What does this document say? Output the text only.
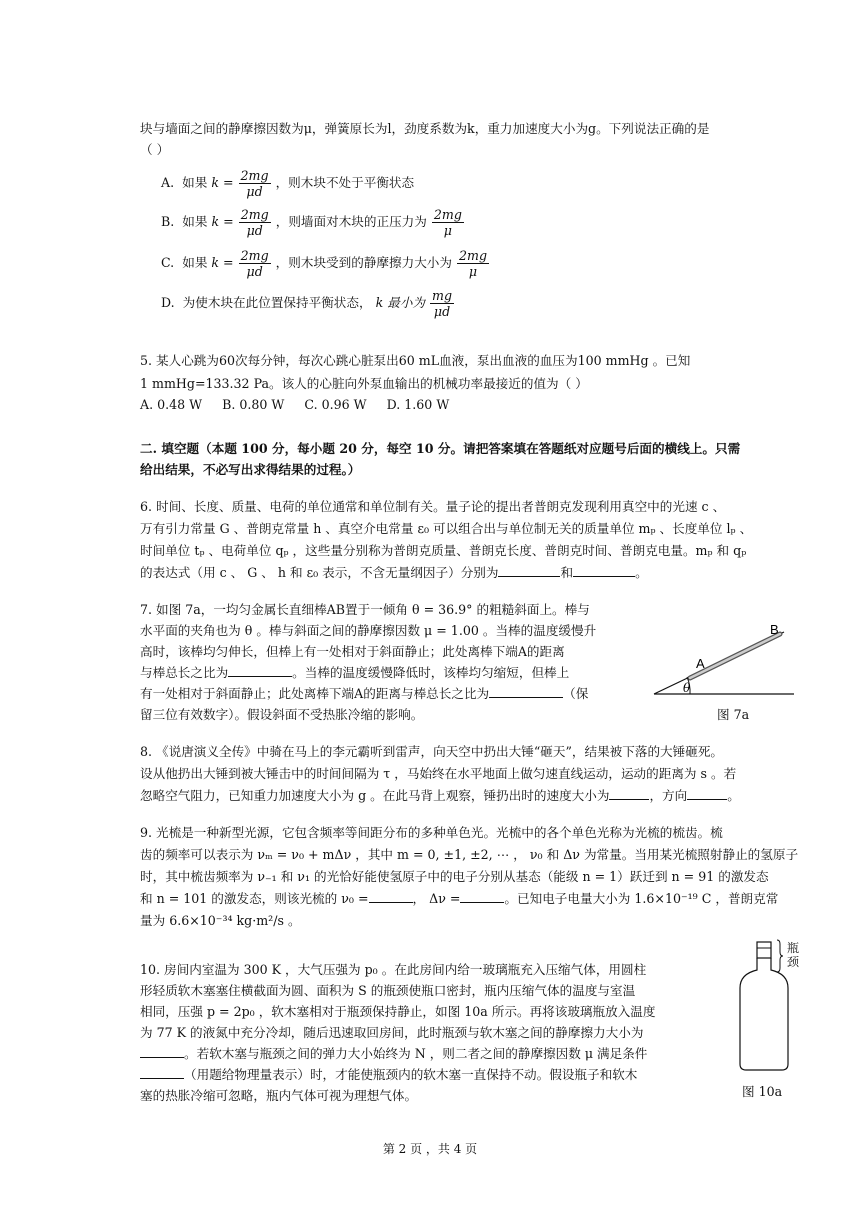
块与墙面之间的静摩擦因数为μ，弹簧原长为l，劲度系数为k，重力加速度大小为g。下列说法正确的是
（ ）
A. 如果 $k = \frac{2mg}{\mu d}$ ，则木块不处于平衡状态
B. 如果 $k = \frac{2mg}{\mu d}$ ，则墙面对木块的正压力为 $\frac{2mg}{\mu}$
C. 如果 $k = \frac{2mg}{\mu d}$ ，则木块受到的静摩擦力大小为 $\frac{2mg}{\mu}$
D. 为使木块在此位置保持平衡状态， k 最小为 $\frac{mg}{\mu d}$
5. 某人心跳为60次每分钟，每次心跳心脏泵出60 mL血液，泵出血液的血压为100 mmHg 。已知
1 mmHg=133.32 Pa。该人的心脏向外泵血输出的机械功率最接近的值为（ ）
A. 0.48 W B. 0.80 W C. 0.96 W D. 1.60 W
二. 填空题（本题 100 分，每小题 20 分，每空 10 分。请把答案填在答题纸对应题号后面的横线上。只需
给出结果，不必写出求得结果的过程。）
6. 时间、长度、质量、电荷的单位通常和单位制有关。量子论的提出者普朗克发现利用真空中的光速 c 、
万有引力常量 G 、普朗克常量 h 、真空介电常量 ε₀ 可以组合出与单位制无关的质量单位 mₚ 、长度单位 lₚ 、
时间单位 tₚ 、电荷单位 qₚ ，这些量分别称为普朗克质量、普朗克长度、普朗克时间、普朗克电量。mₚ 和 qₚ
的表达式（用 c 、 G 、 h 和 ε₀ 表示，不含无量纲因子）分别为	和	。
7. 如图 7a，一均匀金属长直细棒AB置于一倾角 θ = 36.9° 的粗糙斜面上。棒与
水平面的夹角也为 θ 。棒与斜面之间的静摩擦因数 μ = 1.00 。当棒的温度缓慢升
高时，该棒均匀伸长，但棒上有一处相对于斜面静止；此处离棒下端A的距离
与棒总长之比为	。当棒的温度缓慢降低时，该棒均匀缩短，但棒上
有一处相对于斜面静止；此处离棒下端A的距离与棒总长之比为	（保
留三位有效数字）。假设斜面不受热胀冷缩的影响。
A
B
θ
图 7a
8. 《说唐演义全传》中骑在马上的李元霸听到雷声，向天空中扔出大锤“砸天”，结果被下落的大锤砸死。
设从他扔出大锤到被大锤击中的时间间隔为 τ ，马始终在水平地面上做匀速直线运动，运动的距离为 s 。若
忽略空气阻力，已知重力加速度大小为 g 。在此马背上观察，锤扔出时的速度大小为	，方向	。
9. 光梳是一种新型光源，它包含频率等间距分布的多种单色光。光梳中的各个单色光称为光梳的梳齿。梳
齿的频率可以表示为 νₘ = ν₀ + mΔν ，其中 m = 0, ±1, ±2, ⋯ ， ν₀ 和 Δν 为常量。当用某光梳照射静止的氢原子
时，其中梳齿频率为 ν₋₁ 和 ν₁ 的光恰好能使氢原子中的电子分别从基态（能级 n = 1）跃迁到 n = 91 的激发态
和 n = 101 的激发态，则该光梳的 ν₀ =	， Δν =	。已知电子电量大小为 1.6×10⁻¹⁹ C ，普朗克常
量为 6.6×10⁻³⁴ kg·m²/s 。
10. 房间内室温为 300 K ，大气压强为 p₀ 。在此房间内给一玻璃瓶充入压缩气体，用圆柱
形轻质软木塞塞住横截面为圆、面积为 S 的瓶颈使瓶口密封，瓶内压缩气体的温度与室温
相同，压强 p = 2p₀ ，软木塞相对于瓶颈保持静止，如图 10a 所示。再将该玻璃瓶放入温度
为 77 K 的液氮中充分冷却，随后迅速取回房间，此时瓶颈与软木塞之间的静摩擦力大小为
。若软木塞与瓶颈之间的弹力大小始终为 N ，则二者之间的静摩擦因数 μ 满足条件
（用题给物理量表示）时，才能使瓶颈内的软木塞一直保持不动。假设瓶子和软木
塞的热胀冷缩可忽略，瓶内气体可视为理想气体。
瓶颈
图 10a
第 2 页 ，共 4 页
